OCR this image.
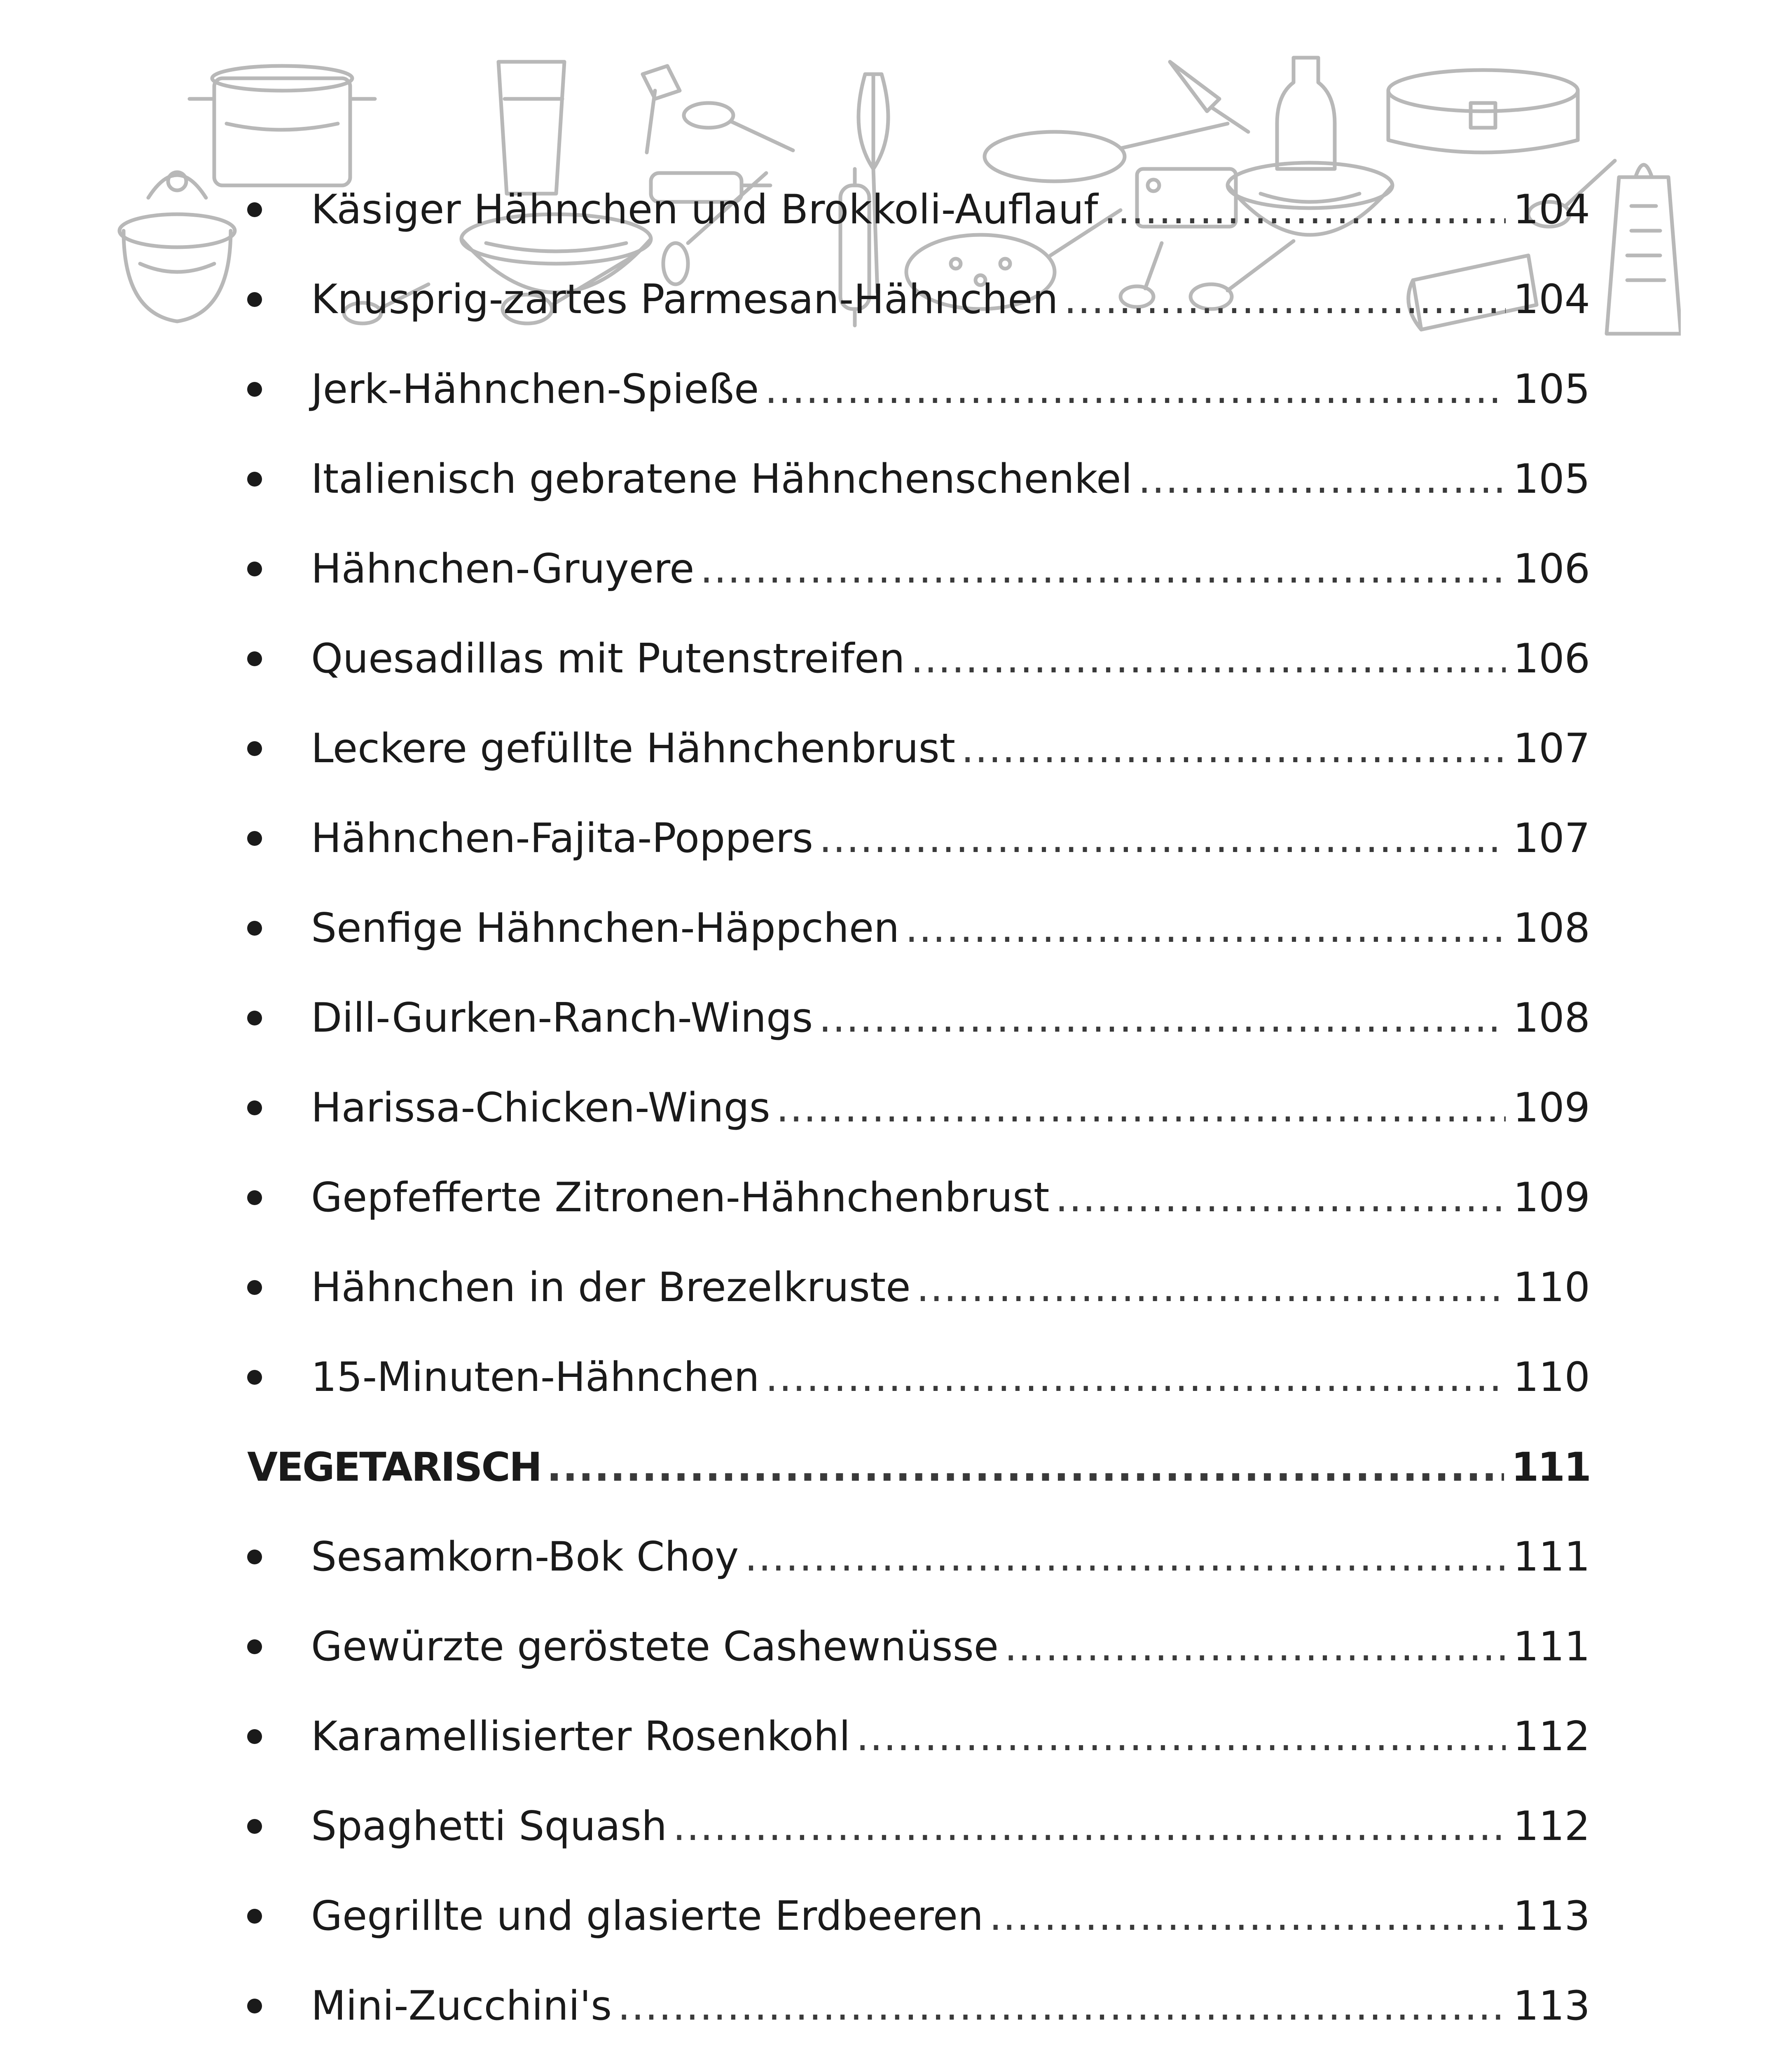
Käsiger Hähnchen und Brokkoli-Auflauf .....	104
Knusprig-zartes Parmesan-Hähnchen .....	104
Jerk-Hähnchen-Spieße .....	105
Italienisch gebratene Hähnchenschenkel .....	105
Hähnchen-Gruyere .....	106
Quesadillas mit Putenstreifen .....	106
Leckere gefüllte Hähnchenbrust .....	107
Hähnchen-Fajita-Poppers .....	107
Senfige Hähnchen-Häppchen .....	108
Dill-Gurken-Ranch-Wings .....	108
Harissa-Chicken-Wings .....	109
Gepfefferte Zitronen-Hähnchenbrust .....	109
Hähnchen in der Brezelkruste .....	110
15-Minuten-Hähnchen .....	110
VEGETARISCH .....	111
Sesamkorn-Bok Choy .....	111
Gewürzte geröstete Cashewnüsse .....	111
Karamellisierter Rosenkohl .....	112
Spaghetti Squash .....	112
Gegrillte und glasierte Erdbeeren .....	113
Mini-Zucchini's .....	113
